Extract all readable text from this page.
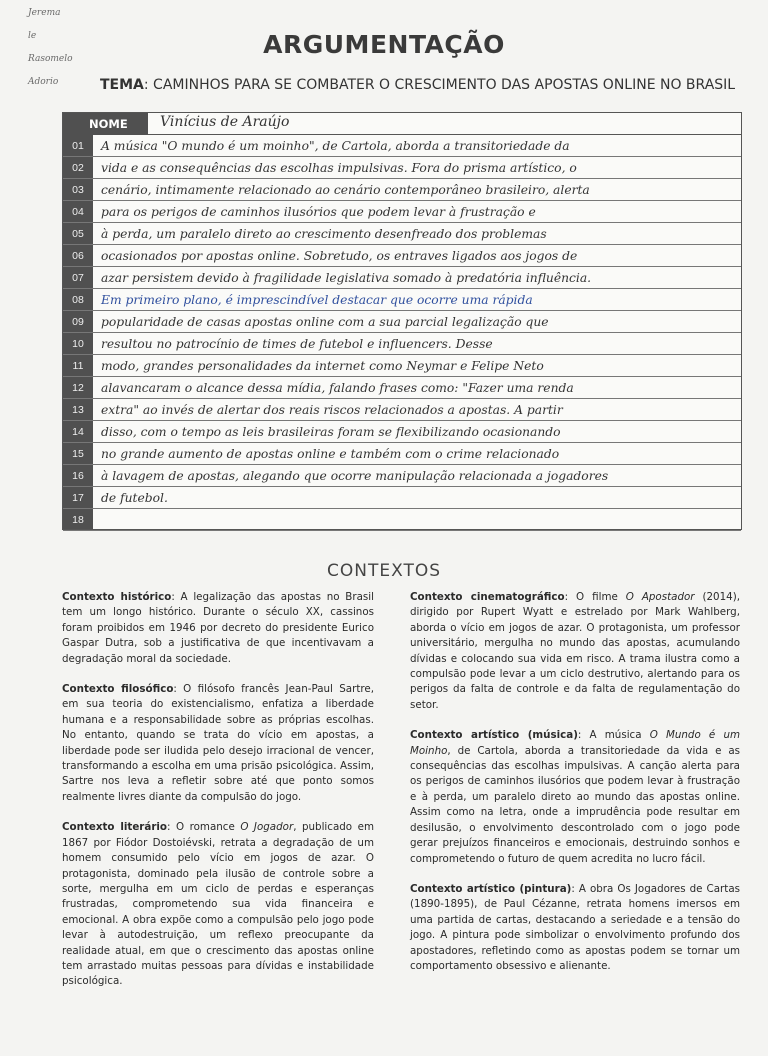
Jerema
le
Rasomelo
Adorio
ARGUMENTAÇÃO
TEMA: CAMINHOS PARA SE COMBATER O CRESCIMENTO DAS APOSTAS ONLINE NO BRASIL
NOME	Vinícius de Araújo
01	A música "O mundo é um moinho", de Cartola, aborda a transitoriedade da
02	vida e as consequências das escolhas impulsivas. Fora do prisma artístico, o
03	cenário, intimamente relacionado ao cenário contemporâneo brasileiro, alerta
04	para os perigos de caminhos ilusórios que podem levar à frustração e
05	à perda, um paralelo direto ao crescimento desenfreado dos problemas
06	ocasionados por apostas online. Sobretudo, os entraves ligados aos jogos de
07	azar persistem devido à fragilidade legislativa somado à predatória influência.
08	Em primeiro plano, é imprescindível destacar que ocorre uma rápida
09	popularidade de casas apostas online com a sua parcial legalização que
10	resultou no patrocínio de times de futebol e influencers. Desse
11	modo, grandes personalidades da internet como Neymar e Felipe Neto
12	alavancaram o alcance dessa mídia, falando frases como: "Fazer uma renda
13	extra" ao invés de alertar dos reais riscos relacionados a apostas. A partir
14	disso, com o tempo as leis brasileiras foram se flexibilizando ocasionando
15	no grande aumento de apostas online e também com o crime relacionado
16	à lavagem de apostas, alegando que ocorre manipulação relacionada a jogadores
17	de futebol.
18
CONTEXTOS

Contexto histórico: A legalização das apostas no Brasil tem um longo histórico. Durante o século XX, cassinos foram proibidos em 1946 por decreto do presidente Eurico Gaspar Dutra, sob a justificativa de que incentivavam a degradação moral da sociedade.

Contexto filosófico: O filósofo francês Jean-Paul Sartre, em sua teoria do existencialismo, enfatiza a liberdade humana e a responsabilidade sobre as próprias escolhas. No entanto, quando se trata do vício em apostas, a liberdade pode ser iludida pelo desejo irracional de vencer, transformando a escolha em uma prisão psicológica. Assim, Sartre nos leva a refletir sobre até que ponto somos realmente livres diante da compulsão do jogo.

Contexto literário: O romance O Jogador, publicado em 1867 por Fiódor Dostoiévski, retrata a degradação de um homem consumido pelo vício em jogos de azar. O protagonista, dominado pela ilusão de controle sobre a sorte, mergulha em um ciclo de perdas e esperanças frustradas, comprometendo sua vida financeira e emocional. A obra expõe como a compulsão pelo jogo pode levar à autodestruição, um reflexo preocupante da realidade atual, em que o crescimento das apostas online tem arrastado muitas pessoas para dívidas e instabilidade psicológica.

Contexto cinematográfico: O filme O Apostador (2014), dirigido por Rupert Wyatt e estrelado por Mark Wahlberg, aborda o vício em jogos de azar. O protagonista, um professor universitário, mergulha no mundo das apostas, acumulando dívidas e colocando sua vida em risco. A trama ilustra como a compulsão pode levar a um ciclo destrutivo, alertando para os perigos da falta de controle e da falta de regulamentação do setor.

Contexto artístico (música): A música O Mundo é um Moinho, de Cartola, aborda a transitoriedade da vida e as consequências das escolhas impulsivas. A canção alerta para os perigos de caminhos ilusórios que podem levar à frustração e à perda, um paralelo direto ao mundo das apostas online. Assim como na letra, onde a imprudência pode resultar em desilusão, o envolvimento descontrolado com o jogo pode gerar prejuízos financeiros e emocionais, destruindo sonhos e comprometendo o futuro de quem acredita no lucro fácil.

Contexto artístico (pintura): A obra Os Jogadores de Cartas (1890-1895), de Paul Cézanne, retrata homens imersos em uma partida de cartas, destacando a seriedade e a tensão do jogo. A pintura pode simbolizar o envolvimento profundo dos apostadores, refletindo como as apostas podem se tornar um comportamento obsessivo e alienante.
